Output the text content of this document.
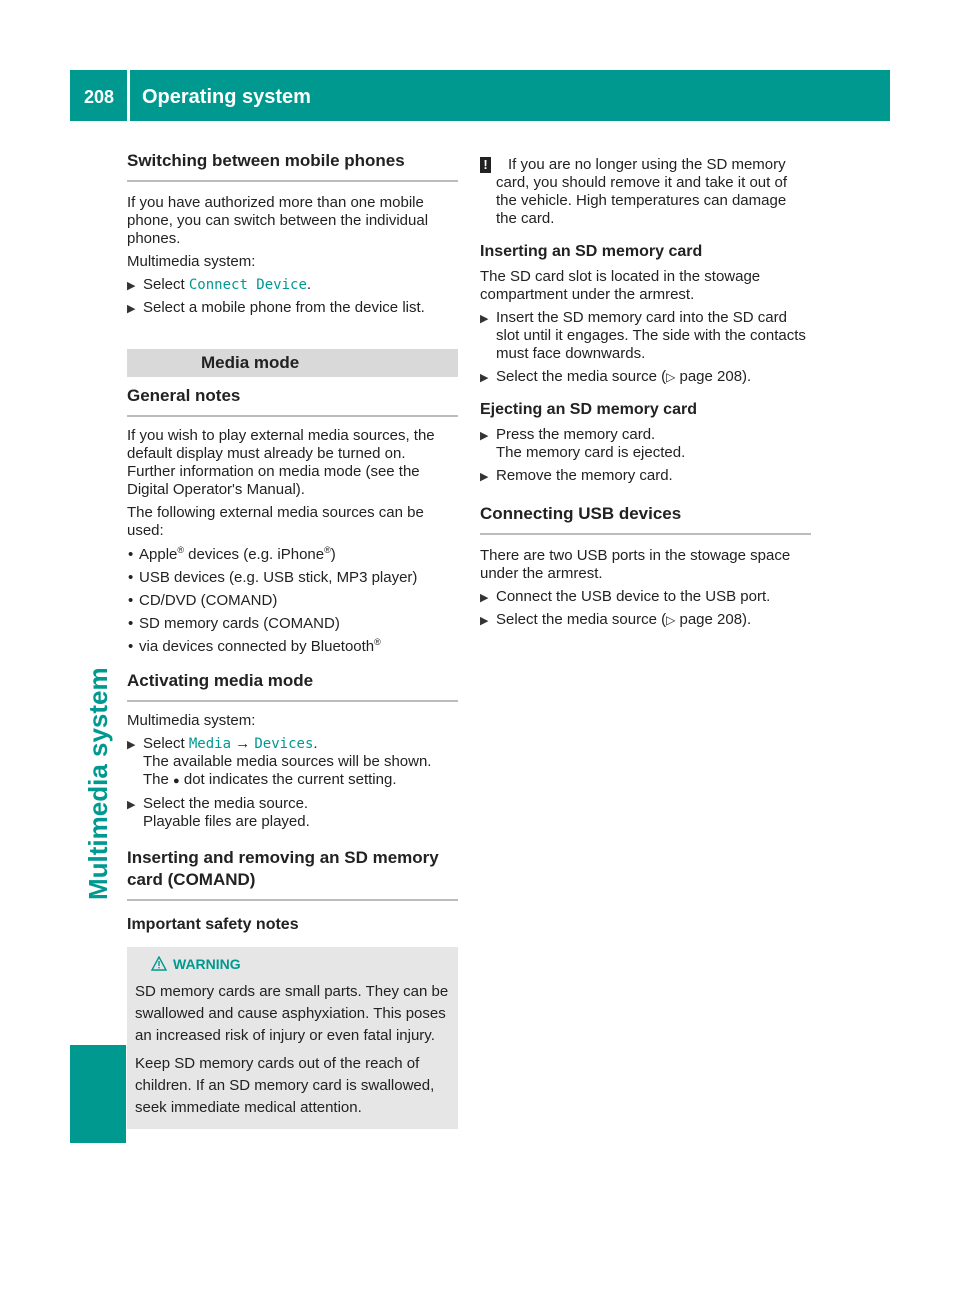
208	Operating system
Multimedia system
Switching between mobile phones

If you have authorized more than one mobile phone, you can switch between the individual phones.

Multimedia system:

▶ Select Connect Device.
▶ Select a mobile phone from the device list.
Media mode
General notes

If you wish to play external media sources, the default display must already be turned on. Further information on media mode (see the Digital Operator's Manual).

The following external media sources can be used:

• Apple® devices (e.g. iPhone®)
• USB devices (e.g. USB stick, MP3 player)
• CD/DVD (COMAND)
• SD memory cards (COMAND)
• via devices connected by Bluetooth®
Activating media mode

Multimedia system:

▶ Select Media → Devices.
The available media sources will be shown.
The ● dot indicates the current setting.
▶ Select the media source.
Playable files are played.
Inserting and removing an SD memory card (COMAND)
Important safety notes
WARNING

SD memory cards are small parts. They can be swallowed and cause asphyxiation. This poses an increased risk of injury or even fatal injury.

Keep SD memory cards out of the reach of children. If an SD memory card is swallowed, seek immediate medical attention.

! If you are no longer using the SD memory card, you should remove it and take it out of the vehicle. High temperatures can damage the card.
Inserting an SD memory card

The SD card slot is located in the stowage compartment under the armrest.

▶ Insert the SD memory card into the SD card slot until it engages. The side with the contacts must face downwards.
▶ Select the media source (▷ page 208).
Ejecting an SD memory card
▶ Press the memory card.
The memory card is ejected.
▶ Remove the memory card.
Connecting USB devices

There are two USB ports in the stowage space under the armrest.

▶ Connect the USB device to the USB port.
▶ Select the media source (▷ page 208).
